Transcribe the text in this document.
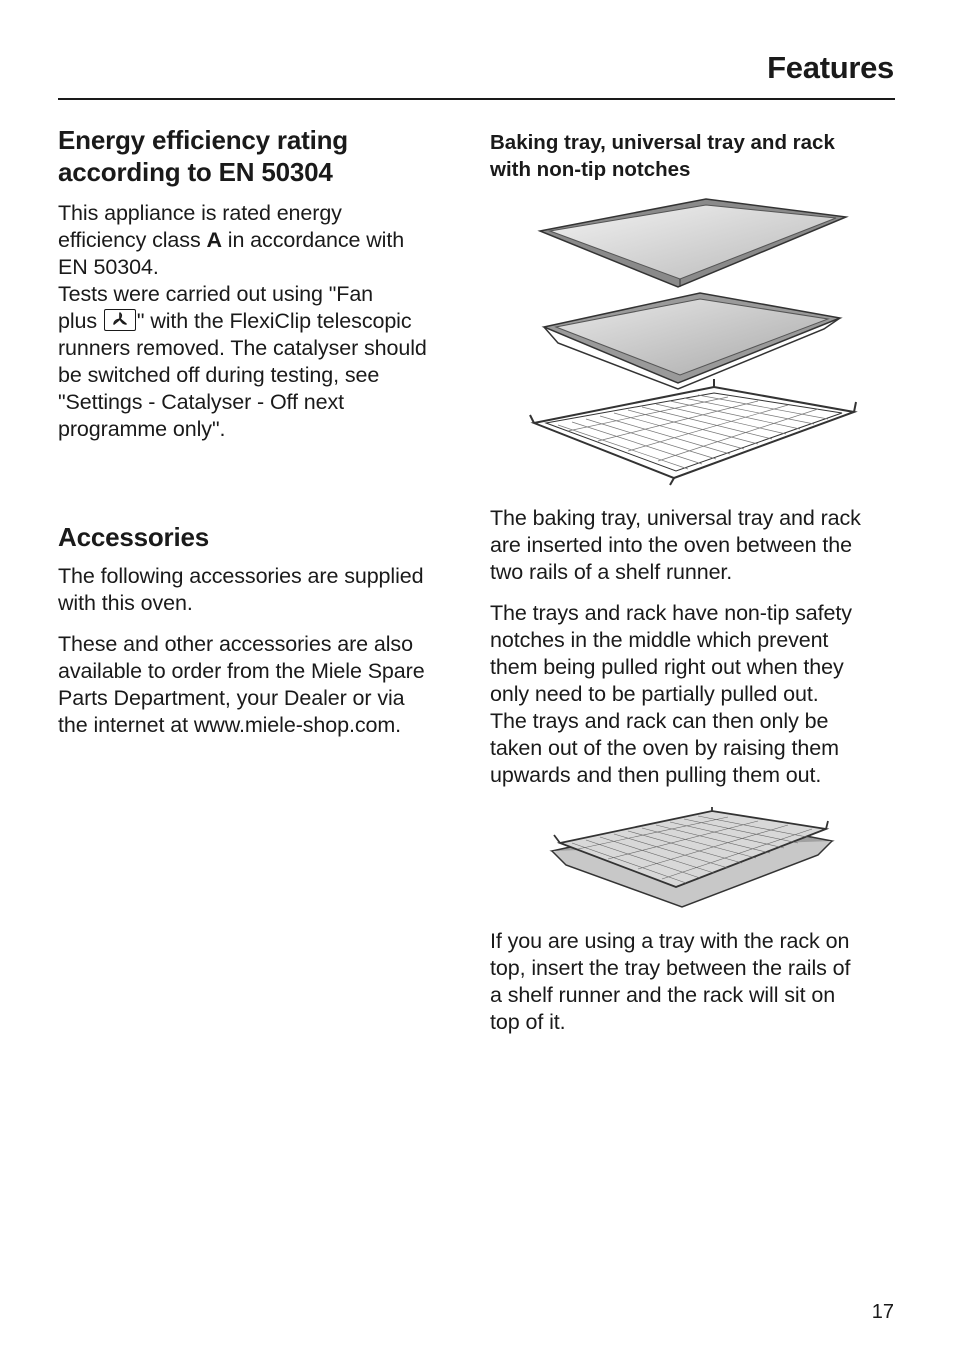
Features
Energy efficiency rating
according to EN 50304

This appliance is rated energy
efficiency class A in accordance with
EN 50304.
Tests were carried out using "Fan
plus
" with the FlexiClip telescopic
runners removed. The catalyser should
be switched off during testing, see
"Settings - Catalyser - Off next
programme only".

Accessories

The following accessories are supplied
with this oven.

These and other accessories are also
available to order from the Miele Spare
Parts Department, your Dealer or via
the internet at www.miele-shop.com.

Baking tray, universal tray and rack
with non-tip notches

The baking tray, universal tray and rack
are inserted into the oven between the
two rails of a shelf runner.

The trays and rack have non-tip safety
notches in the middle which prevent
them being pulled right out when they
only need to be partially pulled out.
The trays and rack can then only be
taken out of the oven by raising them
upwards and then pulling them out.

If you are using a tray with the rack on
top, insert the tray between the rails of
a shelf runner and the rack will sit on
top of it.

17
